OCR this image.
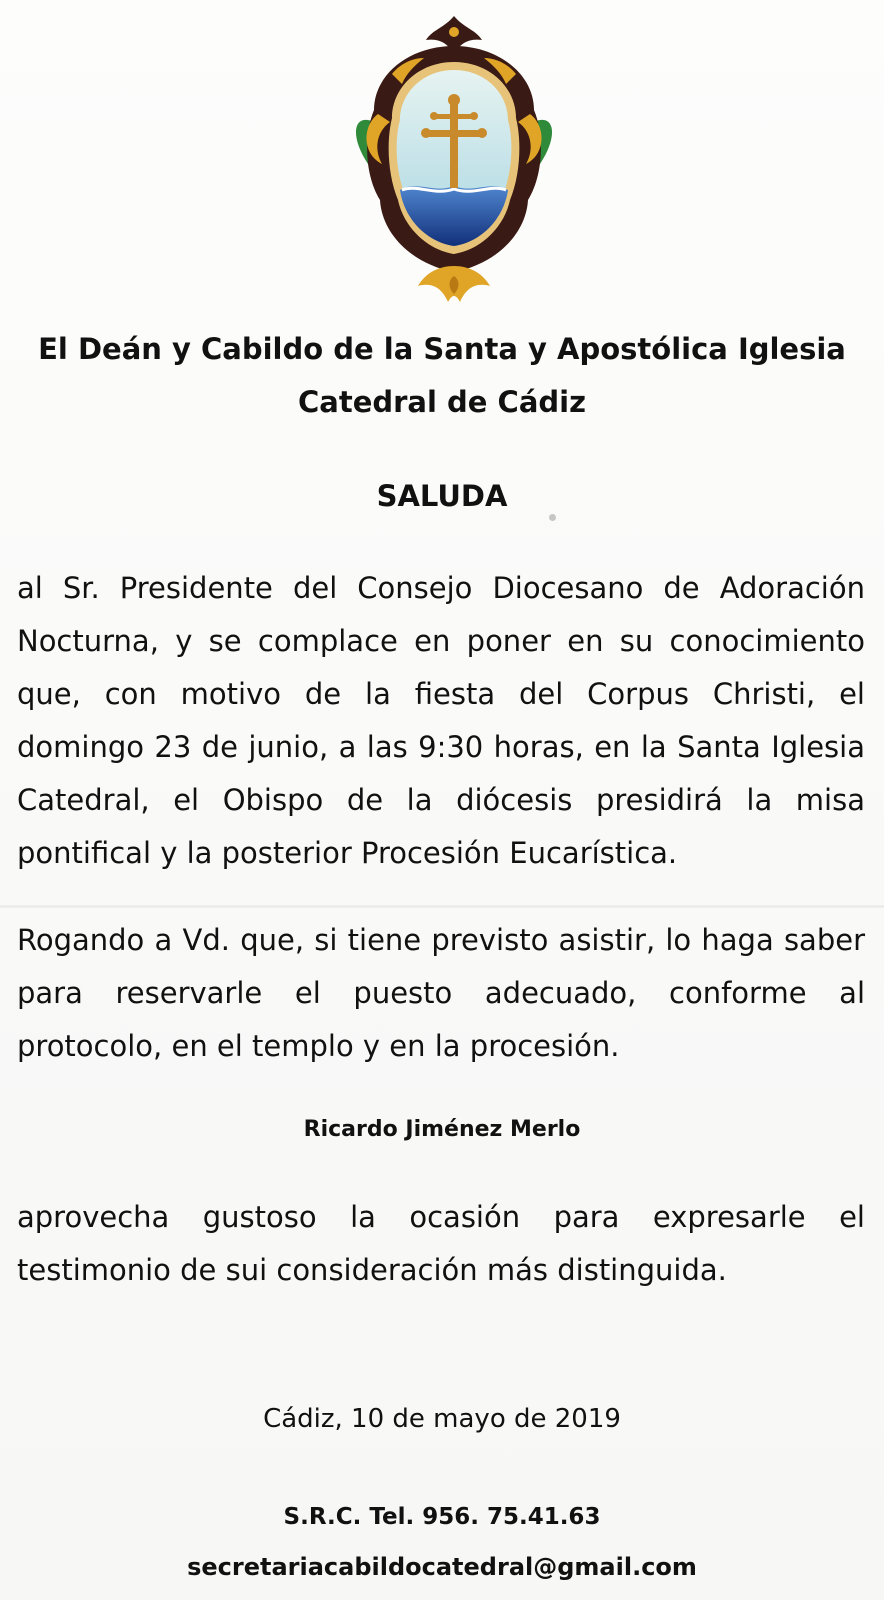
El Deán y Cabildo de la Santa y Apostólica Iglesia
Catedral de Cádiz
SALUDA
al Sr. Presidente del Consejo Diocesano de Adoración Nocturna, y se complace en poner en su conocimiento que, con motivo de la fiesta del Corpus Christi, el domingo 23 de junio, a las 9:30 horas, en la Santa Iglesia Catedral, el Obispo de la diócesis presidirá la misa pontifical y la posterior Procesión Eucarística.
Rogando a Vd. que, si tiene previsto asistir, lo haga saber para reservarle el puesto adecuado, conforme al protocolo, en el templo y en la procesión.
Ricardo Jiménez Merlo
aprovecha gustoso la ocasión para expresarle el testimonio de sui consideración más distinguida.
Cádiz, 10 de mayo de 2019
S.R.C. Tel. 956. 75.41.63
secretariacabildocatedral@gmail.com
